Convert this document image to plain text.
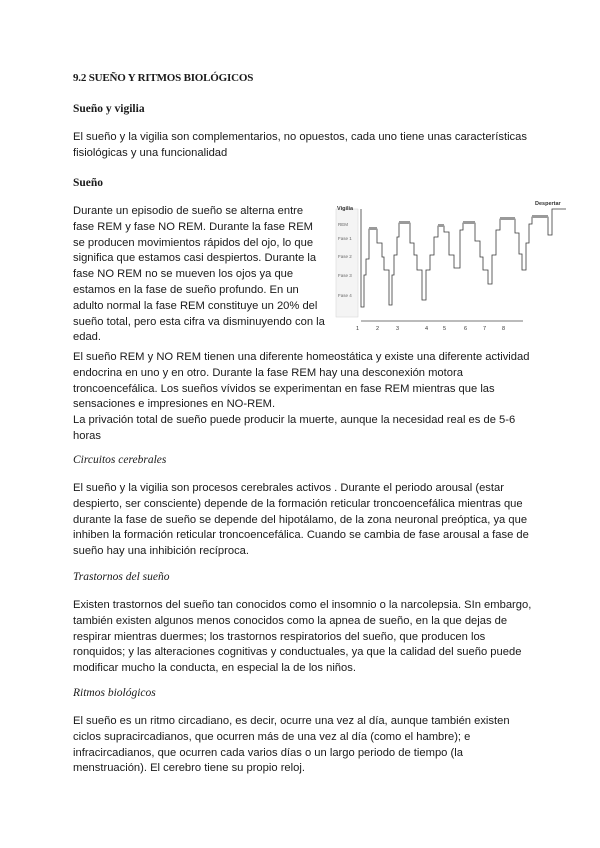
9.2 SUEÑO Y RITMOS BIOLÓGICOS
Sueño y vigilia

El sueño y la vigilia son complementarios, no opuestos, cada uno tiene unas características fisiológicas y una funcionalidad

Sueño

Durante un episodio de sueño se alterna entre fase REM y fase NO REM. Durante la fase REM se producen movimientos rápidos del ojo, lo que significa que estamos casi despiertos. Durante la fase NO REM no se mueven los ojos ya que estamos en la fase de sueño profundo. En un adulto normal la fase REM constituye un 20% del sueño total, pero esta cifra va disminuyendo con la edad.

Vigilia
REM
Fase 1
Fase 2
Fase 3
Fase 4
Despertar
1	2	3	4	5	6	7	8

El sueño REM y NO REM tienen una diferente homeostática y existe una diferente actividad endocrina en uno y en otro. Durante la fase REM hay una desconexión motora troncoencefálica. Los sueños vívidos se experimentan en fase REM mientras que las sensaciones e impresiones en NO-REM.

La privación total de sueño puede producir la muerte, aunque la necesidad real es de 5-6 horas

Circuitos cerebrales

El sueño y la vigilia son procesos cerebrales activos . Durante el periodo arousal (estar despierto, ser consciente) depende de la formación reticular troncoencefálica mientras que durante la fase de sueño se depende del hipotálamo, de la zona neuronal preóptica, ya que inhiben la formación reticular troncoencefálica. Cuando se cambia de fase arousal a fase de sueño hay una inhibición recíproca.

Trastornos del sueño

Existen trastornos del sueño tan conocidos como el insomnio o la narcolepsia. SIn embargo, también existen algunos menos conocidos como la apnea de sueño, en la que dejas de respirar mientras duermes; los trastornos respiratorios del sueño, que producen los ronquidos; y las alteraciones cognitivas y conductuales, ya que la calidad del sueño puede modificar mucho la conducta, en especial la de los niños.

Ritmos biológicos

El sueño es un ritmo circadiano, es decir, ocurre una vez al día, aunque también existen ciclos supracircadianos, que ocurren más de una vez al día (como el hambre); e infracircadianos, que ocurren cada varios días o un largo periodo de tiempo (la menstruación). El cerebro tiene su propio reloj.
